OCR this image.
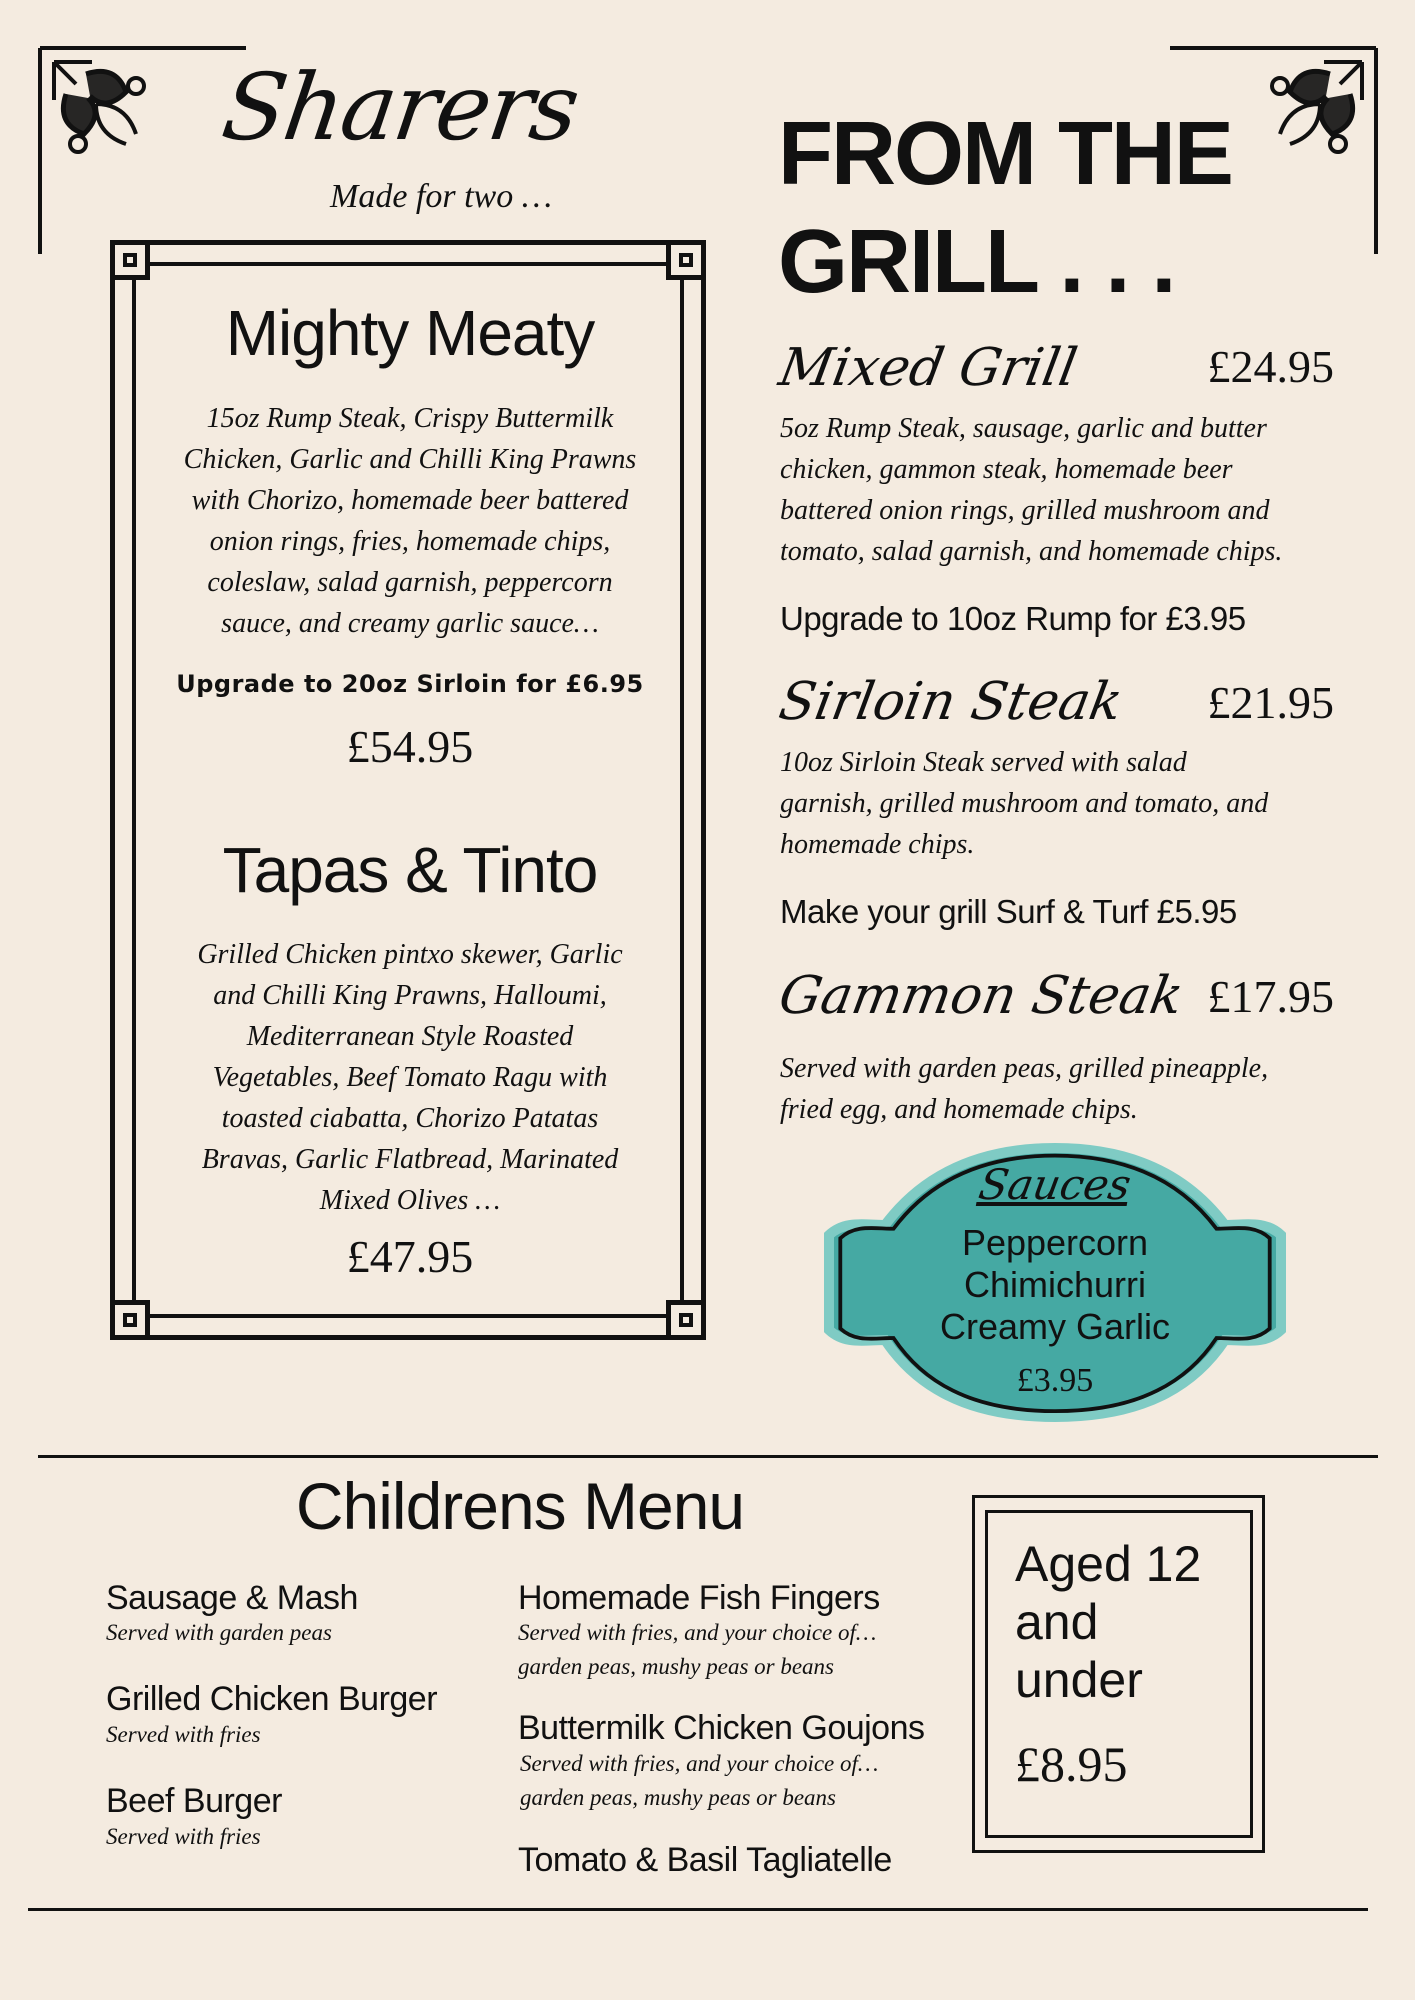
Sharers
Made for two …
Mighty Meaty
15oz Rump Steak, Crispy Buttermilk
Chicken, Garlic and Chilli King Prawns
with Chorizo, homemade beer battered
onion rings, fries, homemade chips,
coleslaw, salad garnish, peppercorn
sauce, and creamy garlic sauce…
Upgrade to 20oz Sirloin for £6.95
£54.95
Tapas & Tinto
Grilled Chicken pintxo skewer, Garlic
and Chilli King Prawns, Halloumi,
Mediterranean Style Roasted
Vegetables, Beef Tomato Ragu with
toasted ciabatta, Chorizo Patatas
Bravas, Garlic Flatbread, Marinated
Mixed Olives …
£47.95
FROM THE
GRILL . . .
Mixed Grill	£24.95
5oz Rump Steak, sausage, garlic and butter
chicken, gammon steak, homemade beer
battered onion rings, grilled mushroom and
tomato, salad garnish, and homemade chips.
Upgrade to 10oz Rump for £3.95
Sirloin Steak	£21.95
10oz Sirloin Steak served with salad
garnish, grilled mushroom and tomato, and
homemade chips.
Make your grill Surf & Turf £5.95
Gammon Steak £17.95
Served with garden peas, grilled pineapple,
fried egg, and homemade chips.
Sauces
Peppercorn
Chimichurri
Creamy Garlic
£3.95
Childrens Menu
Sausage & Mash
Served with garden peas
Grilled Chicken Burger
Served with fries
Beef Burger
Served with fries
Homemade Fish Fingers
Served with fries, and your choice of…
garden peas, mushy peas or beans
Buttermilk Chicken Goujons
Served with fries, and your choice of…
garden peas, mushy peas or beans
Tomato & Basil Tagliatelle
Aged 12
and
under
£8.95
